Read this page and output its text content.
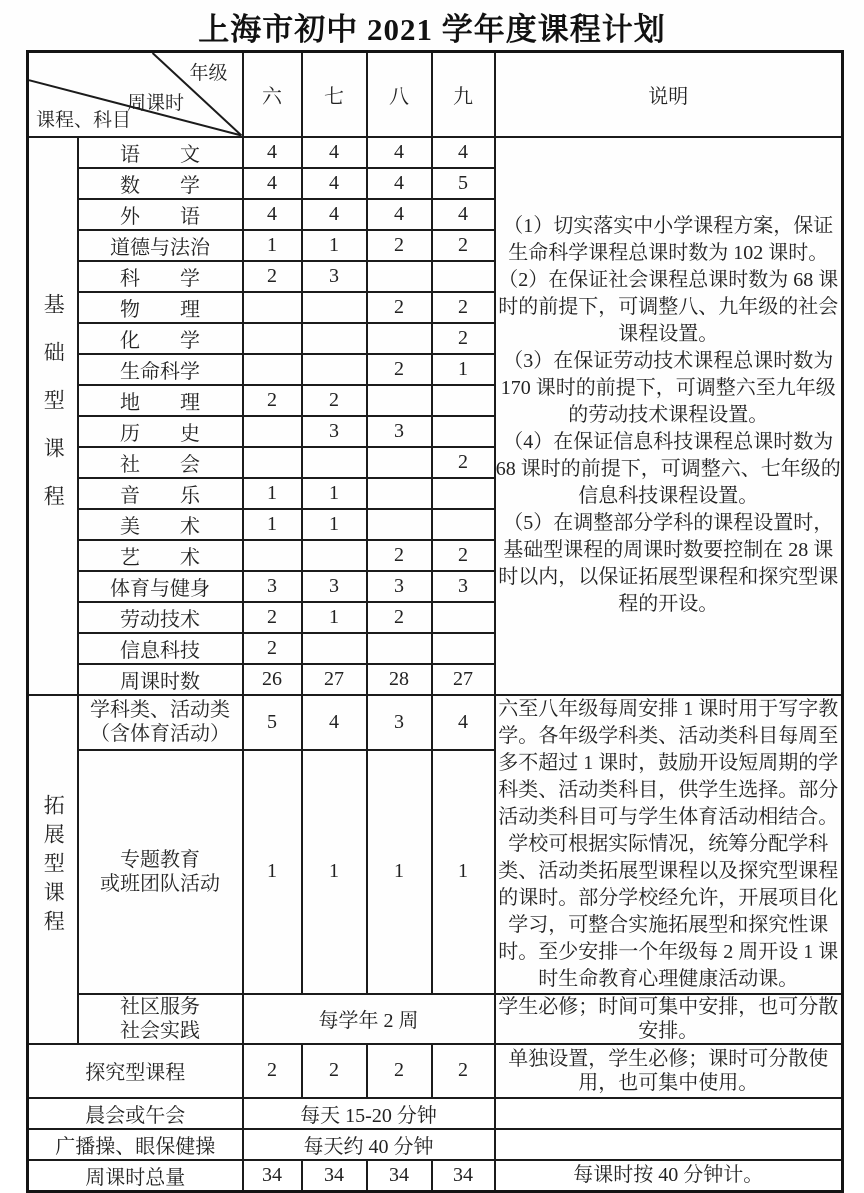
上海市初中 2021 学年度课程计划
年级
周课时
课程、科目		六	七	八	九	说明
基础型课程	语　　文	4	4	4	4	（1）切实落实中小学课程方案，保证生命科学课程总课时数为 102 课时。

（2）在保证社会课程总课时数为 68 课时的前提下，可调整八、九年级的社会课程设置。

（3）在保证劳动技术课程总课时数为 170 课时的前提下，可调整六至九年级的劳动技术课程设置。

（4）在保证信息科技课程总课时数为 68 课时的前提下，可调整六、七年级的信息科技课程设置。

（5）在调整部分学科的课程设置时，基础型课程的周课时数要控制在 28 课时以内，以保证拓展型课程和探究型课程的开设。

	数　　学	4	4	4	5	
	外　　语	4	4	4	4	
	道德与法治	1	1	2	2	
	科　　学	2	3			
	物　　理			2	2	
	化　　学				2	
	生命科学			2	1	
	地　　理	2	2			
	历　　史		3	3		
	社　　会				2	
	音　　乐	1	1			
	美　　术	1	1			
	艺　　术			2	2	
	体育与健身	3	3	3	3	
	劳动技术	2	1	2		
	信息科技	2				
	周课时数	26	27	28	27	
拓展型课程	学科类、活动类
（含体育活动）	5	4	3	4	六至八年级每周安排 1 课时用于写字教学。各年级学科类、活动类科目每周至多不超过 1 课时，鼓励开设短周期的学科类、活动类科目，供学生选择。部分活动类科目可与学生体育活动相结合。学校可根据实际情况，统筹分配学科类、活动类拓展型课程以及探究型课程的课时。部分学校经允许，开展项目化学习，可整合实施拓展型和探究性课时。至少安排一个年级每 2 周开设 1 课时生命教育心理健康活动课。

	专题教育
或班团队活动	1	1	1	1	

	社区服务
社会实践	每学年 2 周				学生必修；时间可集中安排，也可分散安排。
探究型课程		2	2	2	2	单独设置，学生必修；课时可分散使用，也可集中使用。
晨会或午会		每天 15-20 分钟				
广播操、眼保健操		每天约 40 分钟				
周课时总量		34	34	34	34	每课时按 40 分钟计。
